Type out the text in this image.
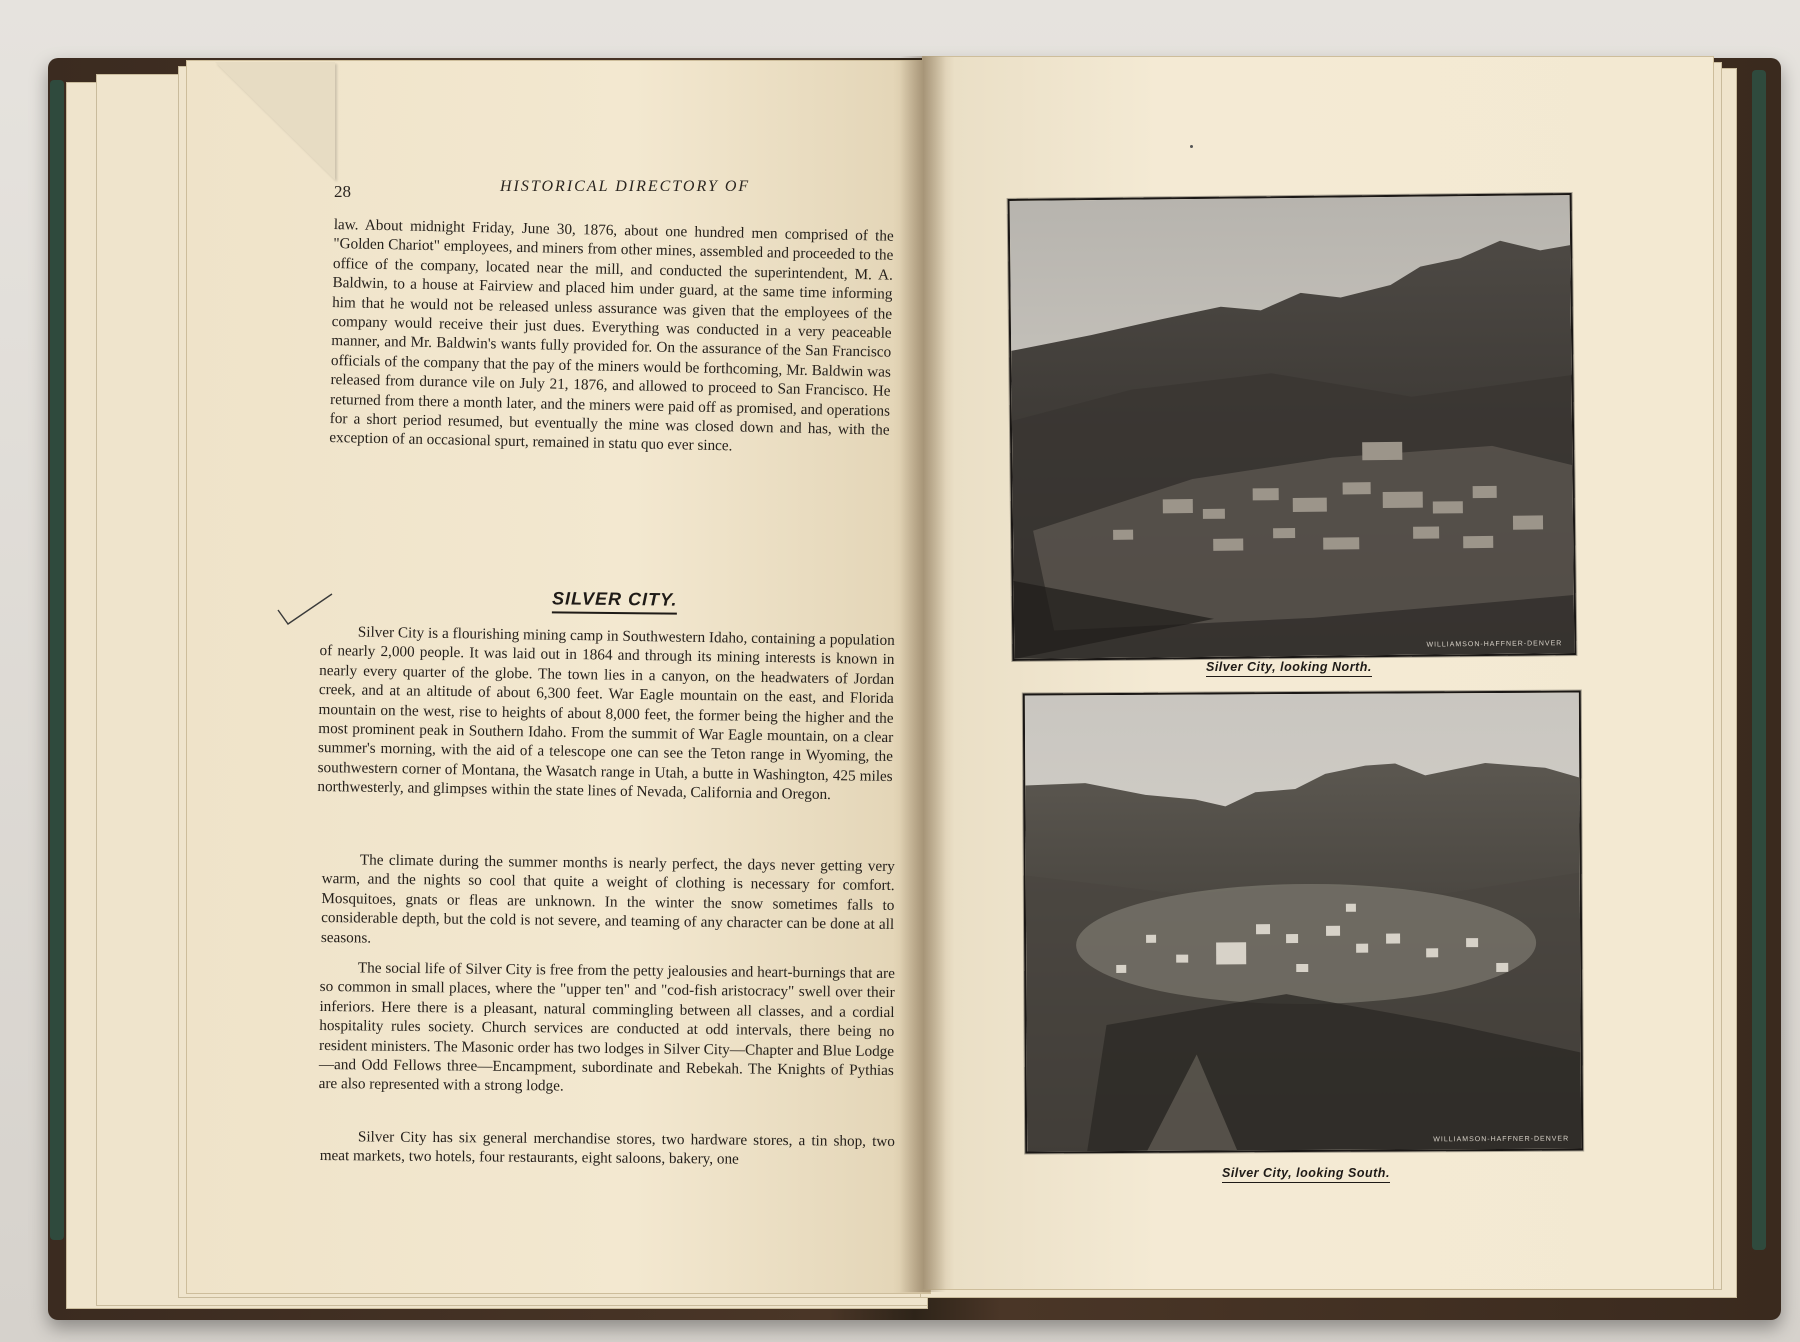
28	HISTORICAL DIRECTORY OF

law. About midnight Friday, June 30, 1876, about one hundred men comprised of the "Golden Chariot" employees, and miners from other mines, assembled and proceeded to the office of the company, located near the mill, and conducted the superintendent, M. A. Baldwin, to a house at Fairview and placed him under guard, at the same time informing him that he would not be released unless assurance was given that the employees of the company would receive their just dues. Everything was conducted in a very peaceable manner, and Mr. Baldwin's wants fully provided for. On the assurance of the San Francisco officials of the company that the pay of the miners would be forthcoming, Mr. Baldwin was released from durance vile on July 21, 1876, and allowed to proceed to San Francisco. He returned from there a month later, and the miners were paid off as promised, and operations for a short period resumed, but eventually the mine was closed down and has, with the exception of an occasional spurt, remained in statu quo ever since.

SILVER CITY.

Silver City is a flourishing mining camp in Southwestern Idaho, containing a population of nearly 2,000 people. It was laid out in 1864 and through its mining interests is known in nearly every quarter of the globe. The town lies in a canyon, on the headwaters of Jordan creek, and at an altitude of about 6,300 feet. War Eagle mountain on the east, and Florida mountain on the west, rise to heights of about 8,000 feet, the former being the higher and the most prominent peak in Southern Idaho. From the summit of War Eagle mountain, on a clear summer's morning, with the aid of a telescope one can see the Teton range in Wyoming, the southwestern corner of Montana, the Wasatch range in Utah, a butte in Washington, 425 miles northwesterly, and glimpses within the state lines of Nevada, California and Oregon.

The climate during the summer months is nearly perfect, the days never getting very warm, and the nights so cool that quite a weight of clothing is necessary for comfort. Mosquitoes, gnats or fleas are unknown. In the winter the snow sometimes falls to considerable depth, but the cold is not severe, and teaming of any character can be done at all seasons.

The social life of Silver City is free from the petty jealousies and heart-burnings that are so common in small places, where the "upper ten" and "cod-fish aristocracy" swell over their inferiors. Here there is a pleasant, natural commingling between all classes, and a cordial hospitality rules society. Church services are conducted at odd intervals, there being no resident ministers. The Masonic order has two lodges in Silver City—Chapter and Blue Lodge—and Odd Fellows three—Encampment, subordinate and Rebekah. The Knights of Pythias are also represented with a strong lodge.

Silver City has six general merchandise stores, two hardware stores, a tin shop, two meat markets, two hotels, four restaurants, eight saloons, bakery, one

WILLIAMSON-HAFFNER-DENVER
Silver City, looking North.
WILLIAMSON-HAFFNER-DENVER
Silver City, looking South.
